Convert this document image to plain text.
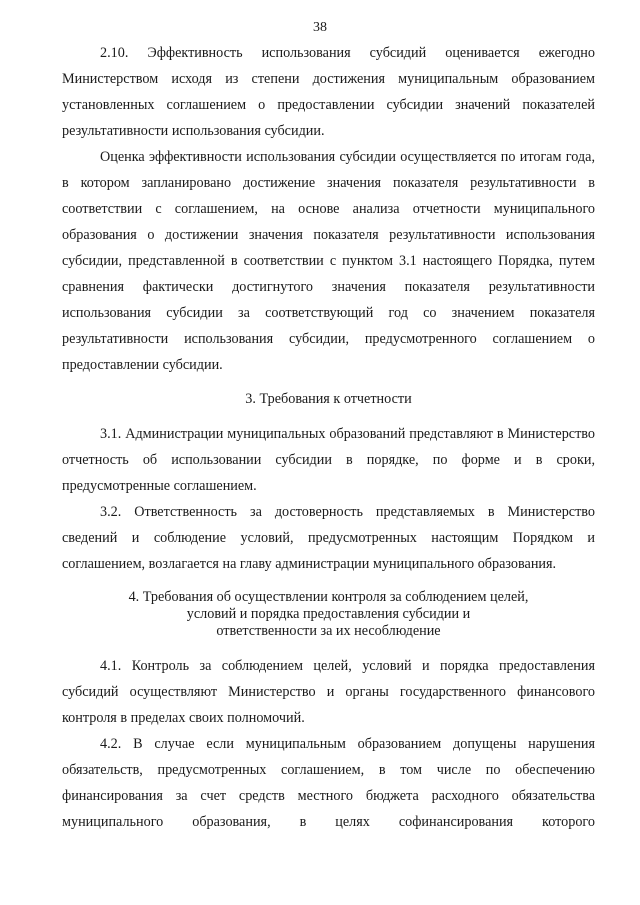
38

2.10. Эффективность использования субсидий оценивается ежегодно Министерством исходя из степени достижения муниципальным образованием установленных соглашением о предоставлении субсидии значений показателей результативности использования субсидии.

Оценка эффективности использования субсидии осуществляется по итогам года, в котором запланировано достижение значения показателя результативности в соответствии с соглашением, на основе анализа отчетности муниципального образования о достижении значения показателя результативности использования субсидии, представленной в соответствии с пунктом 3.1 настоящего Порядка, путем сравнения фактически достигнутого значения показателя результативности использования субсидии за соответствующий год со значением показателя результативности использования субсидии, предусмотренного соглашением о предоставлении субсидии.

3. Требования к отчетности

3.1. Администрации муниципальных образований представляют в Министерство отчетность об использовании субсидии в порядке, по форме и в сроки, предусмотренные соглашением.

3.2. Ответственность за достоверность представляемых в Министерство сведений и соблюдение условий, предусмотренных настоящим Порядком и соглашением, возлагается на главу администрации муниципального образования.

4. Требования об осуществлении контроля за соблюдением целей,
условий и порядка предоставления субсидии и
ответственности за их несоблюдение

4.1. Контроль за соблюдением целей, условий и порядка предоставления субсидий осуществляют Министерство и органы государственного финансового контроля в пределах своих полномочий.

4.2. В случае если муниципальным образованием допущены нарушения обязательств, предусмотренных соглашением, в том числе по обеспечению финансирования за счет средств местного бюджета расходного обязательства муниципального образования, в целях софинансирования которого
